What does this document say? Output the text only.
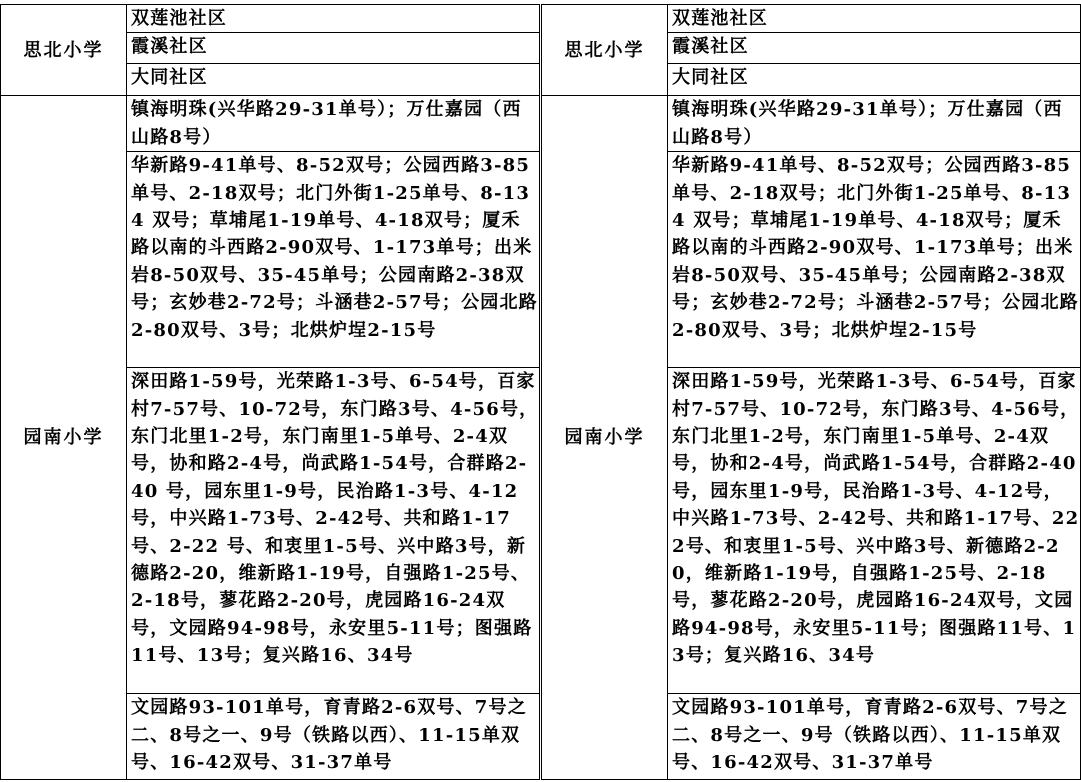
思北小学	双莲池社区
	霞溪社区
	大同社区
园南小学	镇海明珠(兴华路29-31单号）；万仕嘉园（西山路8号）
	华新路9-41单号、8-52双号；公园西路3-85单号、2-18双号；北门外街1-25单号、8-134 双号；草埔尾1-19单号、4-18双号；厦禾路以南的斗西路2-90双号、1-173单号；出米岩8-50双号、35-45单号；公园南路2-38双号；玄妙巷2-72号；斗涵巷2-57号；公园北路2-80双号、3号；北烘炉埕2-15号
	深田路1-59号，光荣路1-3号、6-54号，百家村7-57号、10-72号，东门路3号、4-56号，东门北里1-2号，东门南里1-5单号、2-4双号，协和路2-4号，尚武路1-54号，合群路2-40 号，园东里1-9号，民治路1-3号、4-12号，中兴路1-73号、2-42号、共和路1-17号、2-22 号、和衷里1-5号、兴中路3号，新德路2-20，维新路1-19号，自强路1-25号、2-18号，蓼花路2-20号，虎园路16-24双号，文园路94-98号，永安里5-11号；图强路11号、13号；复兴路16、34号
	文园路93-101单号，育青路2-6双号、7号之二、8号之一、9号（铁路以西）、11-15单双号、16-42双号、31-37单号
思北小学	双莲池社区
	霞溪社区
	大同社区
园南小学	镇海明珠(兴华路29-31单号）；万仕嘉园（西山路8号）
	华新路9-41单号、8-52双号；公园西路3-85单号、2-18双号；北门外街1-25单号、8-134 双号；草埔尾1-19单号、4-18双号；厦禾路以南的斗西路2-90双号、1-173单号；出米岩8-50双号、35-45单号；公园南路2-38双号；玄妙巷2-72号；斗涵巷2-57号；公园北路2-80双号、3号；北烘炉埕2-15号
	深田路1-59号，光荣路1-3号、6-54号，百家村7-57号、10-72号，东门路3号、4-56号，东门北里1-2号，东门南里1-5单号、2-4双号，协和2-4号，尚武路1-54号，合群路2-40号，园东里1-9号，民治路1-3号、4-12号，中兴路1-73号、2-42号、共和路1-17号、222号、和衷里1-5号、兴中路3号、新德路2-20，维新路1-19号，自强路1-25号、2-18号，蓼花路2-20号，虎园路16-24双号，文园路94-98号，永安里5-11号；图强路11号、13号；复兴路16、34号
	文园路93-101单号，育青路2-6双号、7号之二、8号之一、9号（铁路以西）、11-15单双号、16-42双号、31-37单号
